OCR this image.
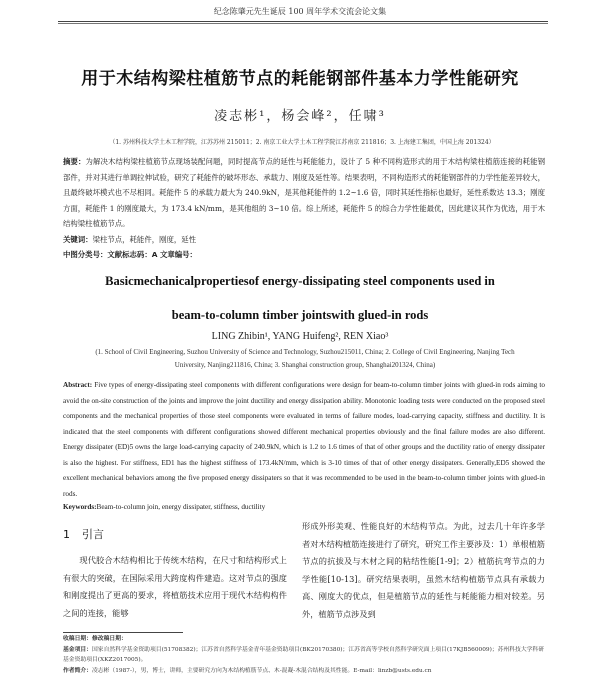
纪念陈肇元先生诞辰 100 周年学术交流会论文集
用于木结构梁柱植筋节点的耗能钢部件基本力学性能研究
凌志彬¹，杨会峰²，任啸³
（1. 苏州科技大学土木工程学院，江苏苏州 215011；2. 南京工业大学土木工程学院江苏南京 211816；3. 上海建工集团，中国上海 201324）
摘要：为解决木结构梁柱植筋节点现场装配问题，同时提高节点的延性与耗能能力，设计了 5 种不同构造形式的用于木结构梁柱植筋连接的耗能钢部件，并对其进行单调拉伸试验，研究了耗能件的破坏形态、承载力、刚度及延性等。结果表明，不同构造形式的耗能钢部件的力学性能差异较大，且最终破坏模式也不尽相同。耗能件 5 的承载力最大为 240.9kN，是其他耗能件的 1.2~1.6 倍，同时其延性指标也最好，延性系数达 13.3；刚度方面，耗能件 1 的刚度最大，为 173.4 kN/mm，是其他组的 3~10 倍。综上所述，耗能件 5 的综合力学性能最优，因此建议其作为优选，用于木结构梁柱植筋节点。
关键词：梁柱节点，耗能件，刚度，延性
中图分类号：文献标志码：A 文章编号：
Basicmechanicalpropertiesof energy-dissipating steel components used in
beam-to-column timber jointswith glued-in rods
LING Zhibin¹, YANG Huifeng², REN Xiao³
(1. School of Civil Engineering, Suzhou University of Science and Technology, Suzhou215011, China; 2. College of Civil Engineering, Nanjing Tech University, Nanjing211816, China; 3. Shanghai construction group, Shanghai201324, China)
Abstract: Five types of energy-dissipating steel components with different configurations were design for beam-to-column timber joints with glued-in rods aiming to avoid the on-site construction of the joints and improve the joint ductility and energy dissipation ability. Monotonic loading tests were conducted on the proposed steel components and the mechanical properties of those steel components were evaluated in terms of failure modes, load-carrying capacity, stiffness and ductility. It is indicated that the steel components with different configurations showed different mechanical properties obviously and the final failure modes are also different. Energy dissipater (ED)5 owns the large load-carrying capacity of 240.9kN, which is 1.2 to 1.6 times of that of other groups and the ductility ratio of energy dissipater is also the highest. For stiffness, ED1 has the highest stiffness of 173.4kN/mm, which is 3-10 times of that of other energy dissipaters. Generally,ED5 showed the excellent mechanical behaviors among the five proposed energy dissipaters so that it was recommended to be used in the beam-to-column timber joints with glued-in rods.
Keywords:Beam-to-column join, energy dissipater, stiffness, ductility
1 引言

现代胶合木结构相比于传统木结构，在尺寸和结构形式上有很大的突破，在国际采用大跨度构件建造。这对节点的强度和刚度提出了更高的要求，将植筋技术应用于现代木结构构件之间的连接，能够

形成外形美观、性能良好的木结构节点。为此，过去几十年许多学者对木结构植筋连接进行了研究，研究工作主要涉及：1）单根植筋节点的抗拔及与木材之间的粘结性能[1-9]；2）植筋抗弯节点的力学性能[10-13]。研究结果表明，虽然木结构植筋节点具有承载力高、刚度大的优点，但是植筋节点的延性与耗能能力相对较差。另外，植筋节点涉及到

收稿日期：修改稿日期：
基金项目：国家自然科学基金资助项目(51708382)；江苏省自然科学基金青年基金资助项目(BK20170380)；江苏省高等学校自然科学研究面上项目(17KJB560009)；苏州科技大学科研基金资助项目(XKZ2017005)。
作者简介：凌志彬（1987-），男，博士，讲师，主要研究方向为木结构植筋节点、木-混凝-木混合结构及其性能。E-mail：linzb@usts.edu.cn
